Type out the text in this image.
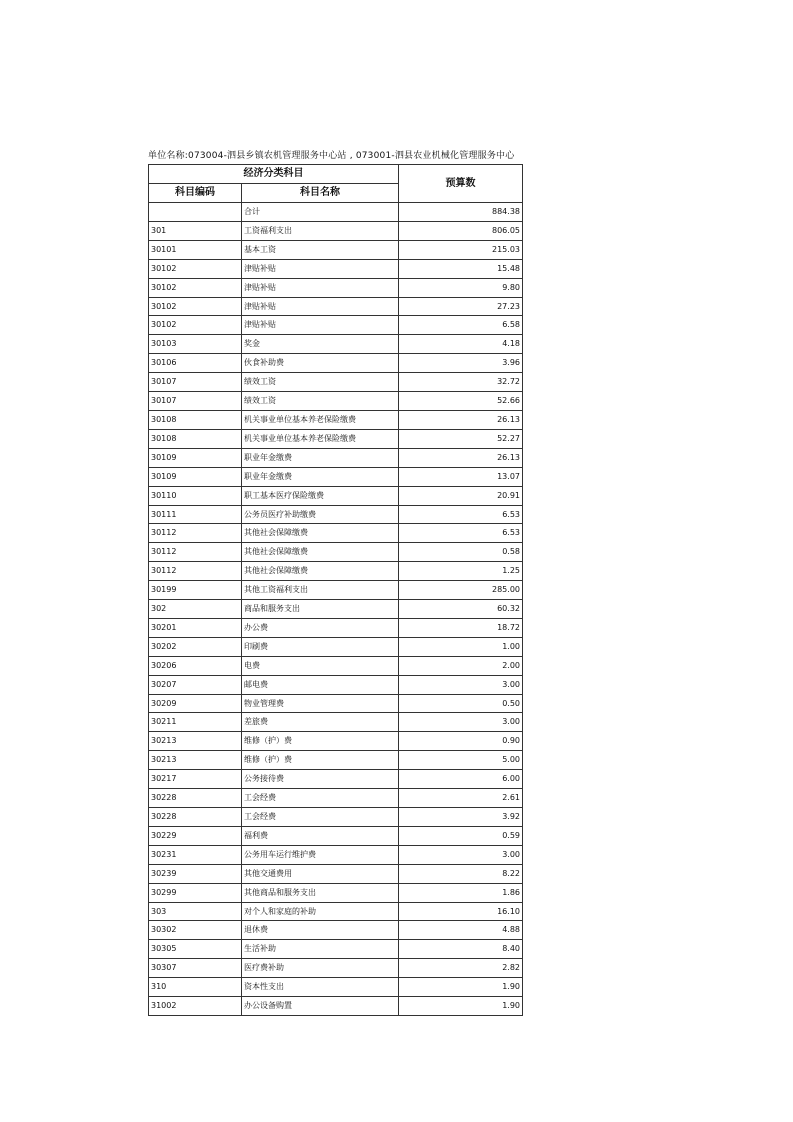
单位名称:073004-泗县乡镇农机管理服务中心站 , 073001-泗县农业机械化管理服务中心
经济分类科目		预算数
科目编码	科目名称	
	合计	884.38
301	工资福利支出	806.05
30101	基本工资	215.03
30102	津贴补贴	15.48
30102	津贴补贴	9.80
30102	津贴补贴	27.23
30102	津贴补贴	6.58
30103	奖金	4.18
30106	伙食补助费	3.96
30107	绩效工资	32.72
30107	绩效工资	52.66
30108	机关事业单位基本养老保险缴费	26.13
30108	机关事业单位基本养老保险缴费	52.27
30109	职业年金缴费	26.13
30109	职业年金缴费	13.07
30110	职工基本医疗保险缴费	20.91
30111	公务员医疗补助缴费	6.53
30112	其他社会保障缴费	6.53
30112	其他社会保障缴费	0.58
30112	其他社会保障缴费	1.25
30199	其他工资福利支出	285.00
302	商品和服务支出	60.32
30201	办公费	18.72
30202	印刷费	1.00
30206	电费	2.00
30207	邮电费	3.00
30209	物业管理费	0.50
30211	差旅费	3.00
30213	维修（护）费	0.90
30213	维修（护）费	5.00
30217	公务接待费	6.00
30228	工会经费	2.61
30228	工会经费	3.92
30229	福利费	0.59
30231	公务用车运行维护费	3.00
30239	其他交通费用	8.22
30299	其他商品和服务支出	1.86
303	对个人和家庭的补助	16.10
30302	退休费	4.88
30305	生活补助	8.40
30307	医疗费补助	2.82
310	资本性支出	1.90
31002	办公设备购置	1.90
